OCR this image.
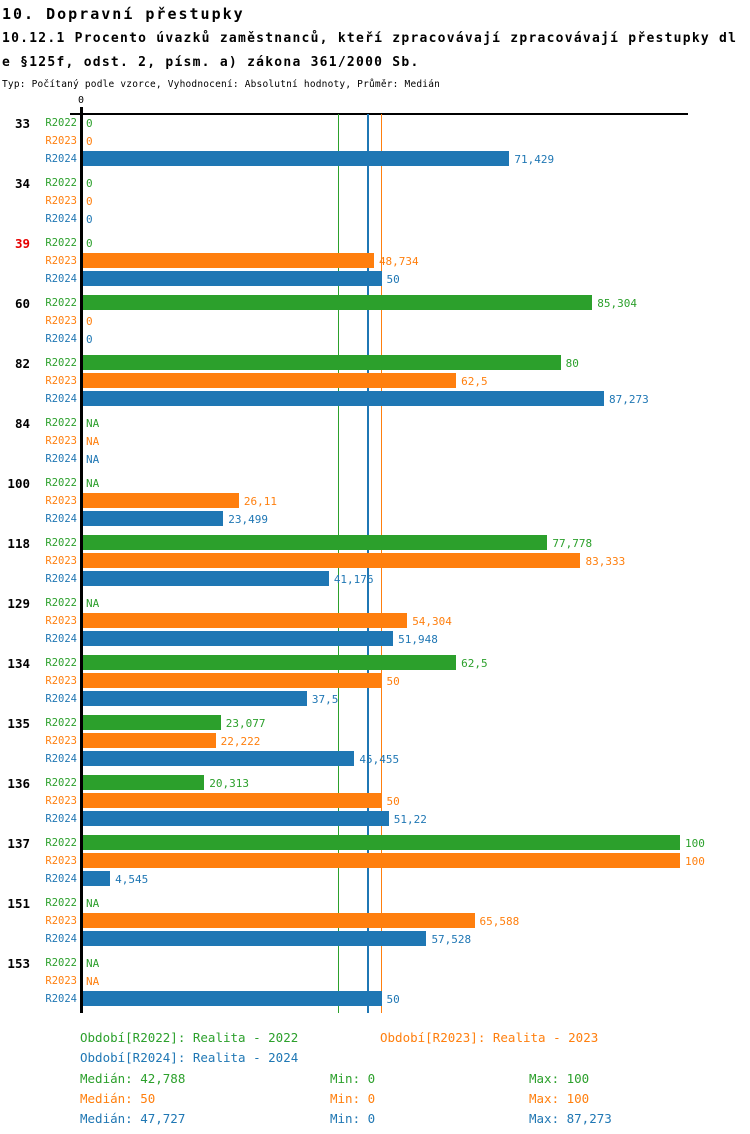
10. Dopravní přestupky
10.12.1 Procento úvazků zaměstnanců, kteří zpracovávají zpracovávají přestupky dl
e §125f, odst. 2, písm. a) zákona 361/2000 Sb.
Typ: Počítaný podle vzorce, Vyhodnocení: Absolutní hodnoty, Průměr: Medián
0
33	R2022 0
R2023 0
R2024	71,429
34	R2022 0
R2023 0
R2024 0
39	R2022 0
R2023	48,734
R2024	50
60	R2022	85,304
R2023 0
R2024 0
82	R2022	80
R2023	62,5
R2024	87,273
84	R2022 NA
R2023 NA
R2024 NA
100	R2022 NA
R2023	26,11
R2024	23,499
118	R2022	77,778
R2023	83,333
R2024	41,176
129	R2022 NA
R2023	54,304
R2024	51,948
134	R2022	62,5
R2023	50
R2024	37,5
135	R2022	23,077
R2023	22,222
R2024	45,455
136	R2022	20,313
R2023	50
R2024	51,22
137	R2022	100
R2023	100
R2024	4,545
151	R2022 NA
R2023	65,588
R2024	57,528
153	R2022 NA
R2023 NA
R2024	50
Období[R2022]: Realita - 2022	Období[R2023]: Realita - 2023
Období[R2024]: Realita - 2024
Medián: 42,788	Min: 0	Max: 100
Medián: 50	Min: 0	Max: 100
Medián: 47,727	Min: 0	Max: 87,273
